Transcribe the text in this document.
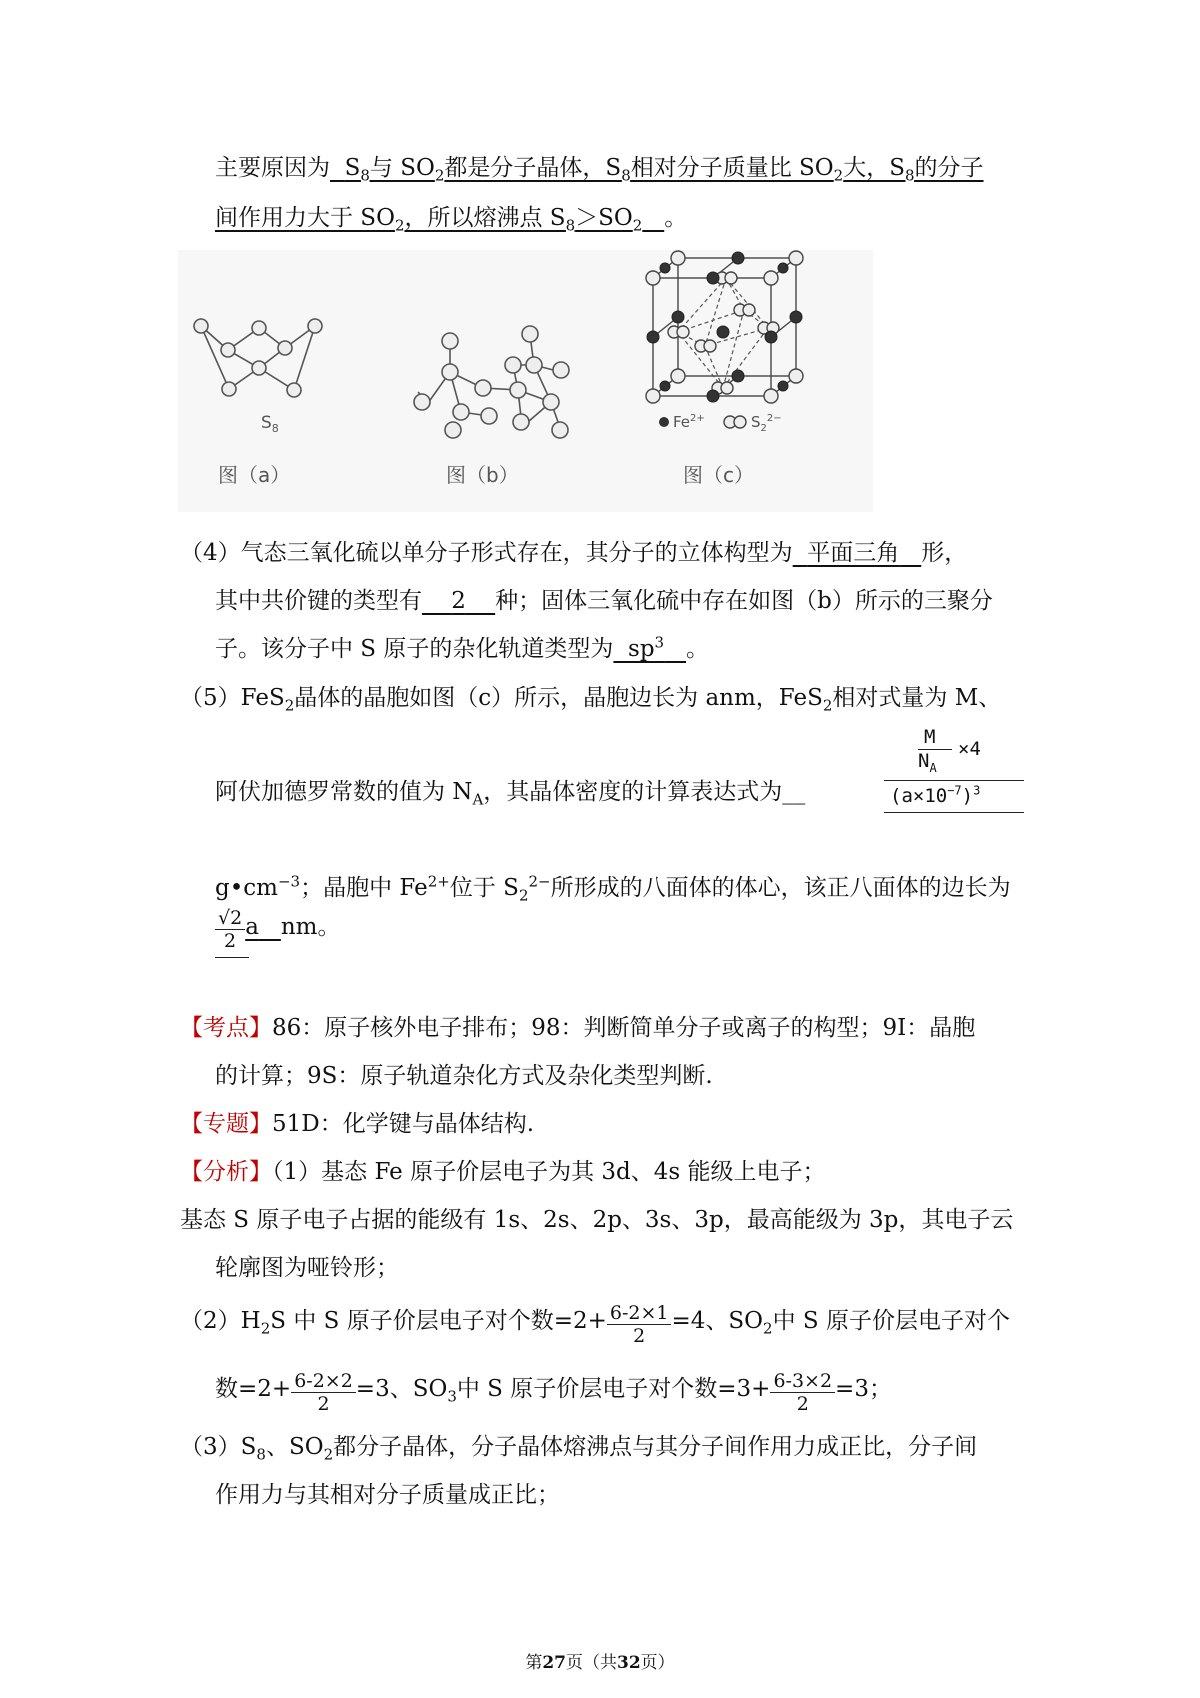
主要原因为 $S_8$与 $SO_2$都是分子晶体，$S_8$相对分子质量比 $SO_2$大，$S_8$的分子
间作用力大于 $SO_2$，所以熔沸点 $S_8>SO_2$ 。
$S_8$
图（a）	图（b）
$Fe^{2+}$	$S_2^{2-}$
图（c）
（4）气态三氧化硫以单分子形式存在，其分子的立体构型为 平面三角 形，
其中共价键的类型有 2 种；固体三氧化硫中存在如图（b）所示的三聚分
子。该分子中 S 原子的杂化轨道类型为 $sp^3$ 。
（5）FeS$_2$晶体的晶胞如图（c）所示，晶胞边长为 anm，FeS$_2$相对式量为 M、
阿伏加德罗常数的值为 $N_A$，其晶体密度的计算表达式为__
M
$N_A$
×4
$(a\times 10^{-7})^3$
$g•cm^{-3}$；晶胞中 $Fe^{2+}$位于 $S_2^{2-}$所形成的八面体的体心，该正八面体的边长为
$\frac{√2}{2}$ a nm。
【考点】86：原子核外电子排布；98：判断简单分子或离子的构型；9I：晶胞
的计算；9S：原子轨道杂化方式及杂化类型判断.
【专题】51D：化学键与晶体结构.
【分析】（1）基态 Fe 原子价层电子为其 3d、4s 能级上电子；
基态 S 原子电子占据的能级有 1s、2s、2p、3s、3p，最高能级为 3p，其电子云
轮廓图为哑铃形；
$(2)H_2S$ 中 S 原子价层电子对个数$=2+ \frac{6-2\times 1}{2} =4$、$SO_2$中 S 原子价层电子对个
数$=2+ \frac{6-2\times 2}{2} =3$、$SO_3$中 S 原子价层电子对个数$=3+ \frac{6-3\times 2}{2} =3$；
$(3)S_8$、$SO_2$都分子晶体，分子晶体熔沸点与其分子间作用力成正比，分子间
作用力与其相对分子质量成正比；
第27页（共32页）
